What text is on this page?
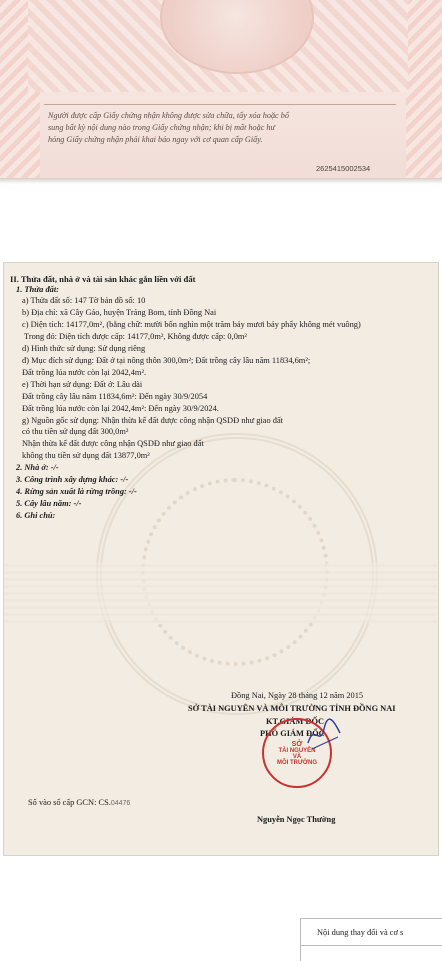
Người được cấp Giấy chứng nhận không được sửa chữa, tẩy xóa hoặc bổ
sung bất kỳ nội dung nào trong Giấy chứng nhận; khi bị mất hoặc hư
hỏng Giấy chứng nhận phải khai báo ngay với cơ quan cấp Giấy.
2625415002534
II. Thửa đất, nhà ở và tài sản khác gắn liền với đất
1. Thửa đất:
a) Thửa đất số: 147 Tờ bản đồ số: 10
b) Địa chỉ: xã Cây Gáo, huyện Trảng Bom, tỉnh Đồng Nai
c) Diện tích: 14177,0m², (bằng chữ: mười bốn nghìn một trăm bảy mươi bảy phẩy không mét vuông)
Trong đó: Diện tích được cấp: 14177,0m², Không được cấp: 0,0m²
d) Hình thức sử dụng: Sử dụng riêng
đ) Mục đích sử dụng: Đất ở tại nông thôn 300,0m²; Đất trồng cây lâu năm 11834,6m²;
Đất trồng lúa nước còn lại 2042,4m².
e) Thời hạn sử dụng: Đất ở: Lâu dài
Đất trồng cây lâu năm 11834,6m²: Đến ngày 30/9/2054
Đất trồng lúa nước còn lại 2042,4m²: Đến ngày 30/9/2024.
g) Nguồn gốc sử dụng: Nhận thừa kế đất được công nhận QSDĐ như giao đất
có thu tiền sử dụng đất 300,0m²
Nhận thừa kế đất được công nhận QSDĐ như giao đất
không thu tiền sử dụng đất 13877,0m²
2. Nhà ở: -/-
3. Công trình xây dựng khác: -/-
4. Rừng sản xuất là rừng trồng: -/-
5. Cây lâu năm: -/-
6. Ghi chú:
Đồng Nai, Ngày 28 tháng 12 năm 2015
SỞ TÀI NGUYÊN VÀ MÔI TRƯỜNG TỈNH ĐỒNG NAI
KT.GIÁM ĐỐC
PHÓ GIÁM ĐỐC
SỞ
TÀI NGUYÊN
VÀ
MÔI TRƯỜNG
Số vào sổ cấp GCN: CS.04476
Nguyễn Ngọc Thường
Nội dung thay đổi và cơ s
